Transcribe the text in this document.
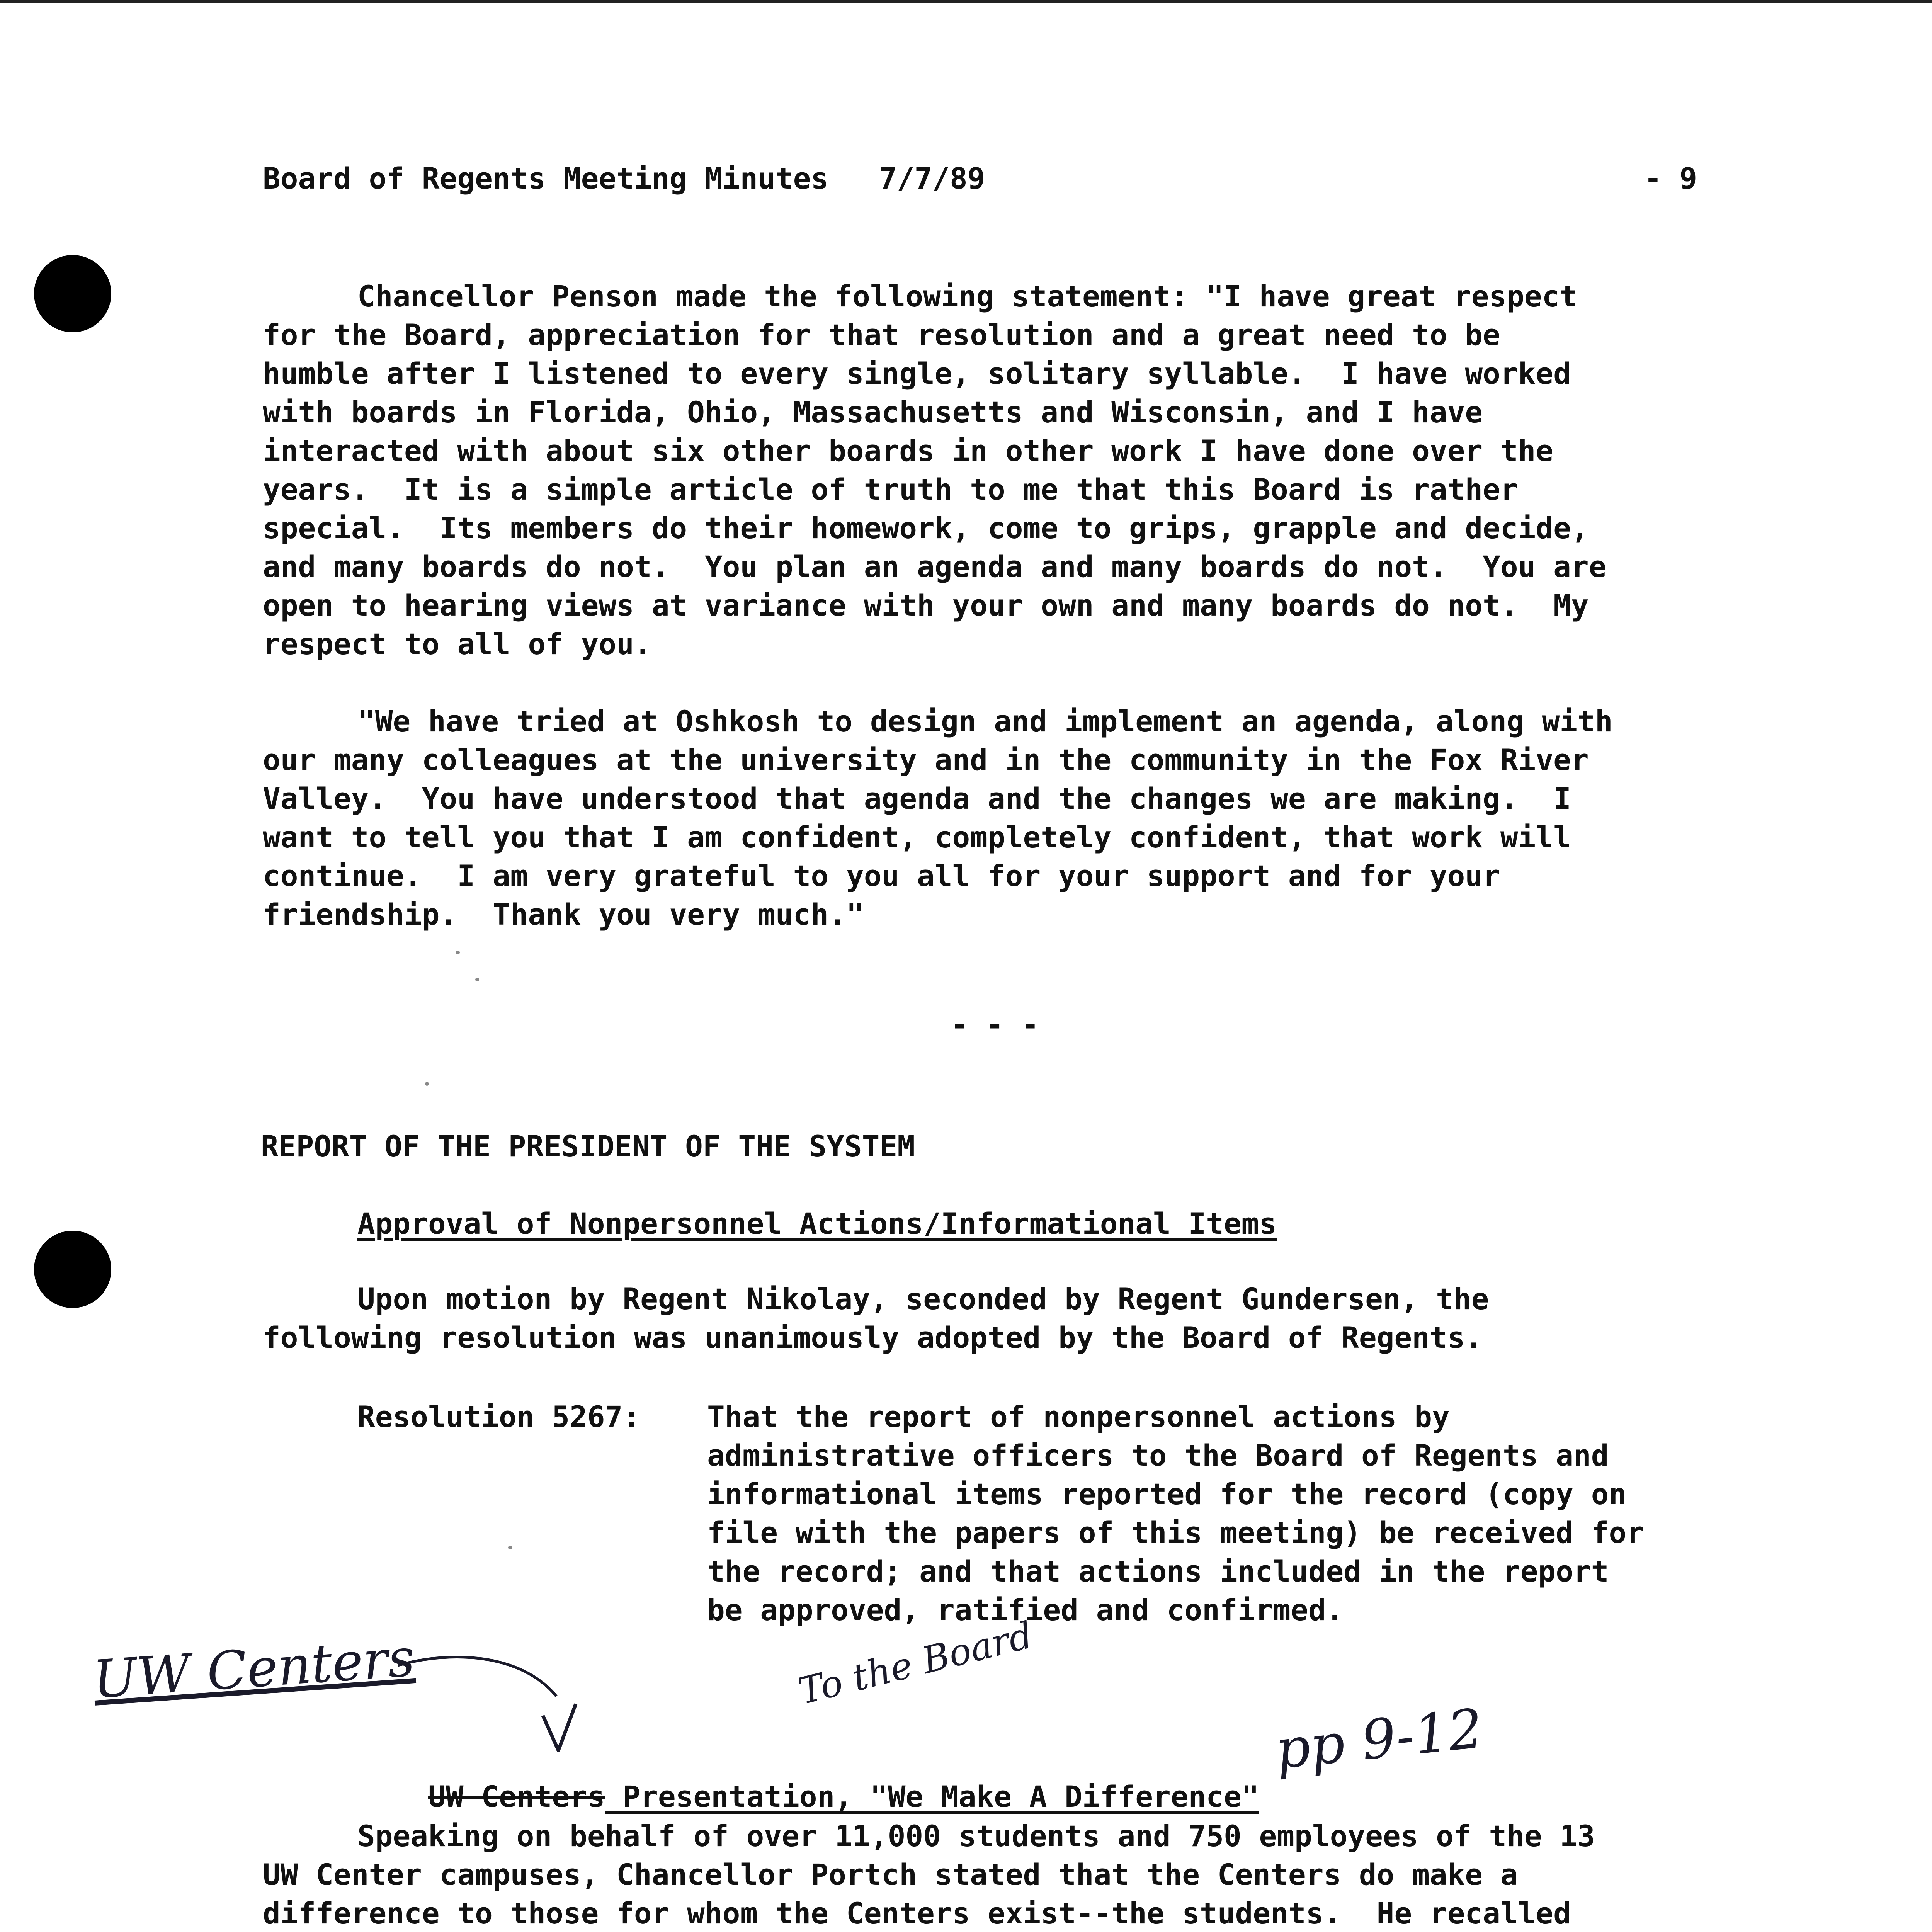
Board of Regents Meeting Minutes 7/7/89	- 9
Chancellor Penson made the following statement: "I have great respect
for the Board, appreciation for that resolution and a great need to be
humble after I listened to every single, solitary syllable.  I have worked
with boards in Florida, Ohio, Massachusetts and Wisconsin, and I have
interacted with about six other boards in other work I have done over the
years.  It is a simple article of truth to me that this Board is rather
special.  Its members do their homework, come to grips, grapple and decide,
and many boards do not.  You plan an agenda and many boards do not.  You are
open to hearing views at variance with your own and many boards do not.  My
respect to all of you.
"We have tried at Oshkosh to design and implement an agenda, along with
our many colleagues at the university and in the community in the Fox River
Valley.  You have understood that agenda and the changes we are making.  I
want to tell you that I am confident, completely confident, that work will
continue.  I am very grateful to you all for your support and for your
friendship.  Thank you very much."
- - -
REPORT OF THE PRESIDENT OF THE SYSTEM
Approval of Nonpersonnel Actions/Informational Items
Upon motion by Regent Nikolay, seconded by Regent Gundersen, the
following resolution was unanimously adopted by the Board of Regents.
Resolution 5267: That the report of nonpersonnel actions by
administrative officers to the Board of Regents and
informational items reported for the record (copy on
file with the papers of this meeting) be received for
the record; and that actions included in the report
be approved, ratified and confirmed.
UW Centers	To the Board

UW Centers Presentation, "We Make A Difference"

pp 9-12
Speaking on behalf of over 11,000 students and 750 employees of the 13
UW Center campuses, Chancellor Portch stated that the Centers do make a
difference to those for whom the Centers exist--the students.  He recalled
